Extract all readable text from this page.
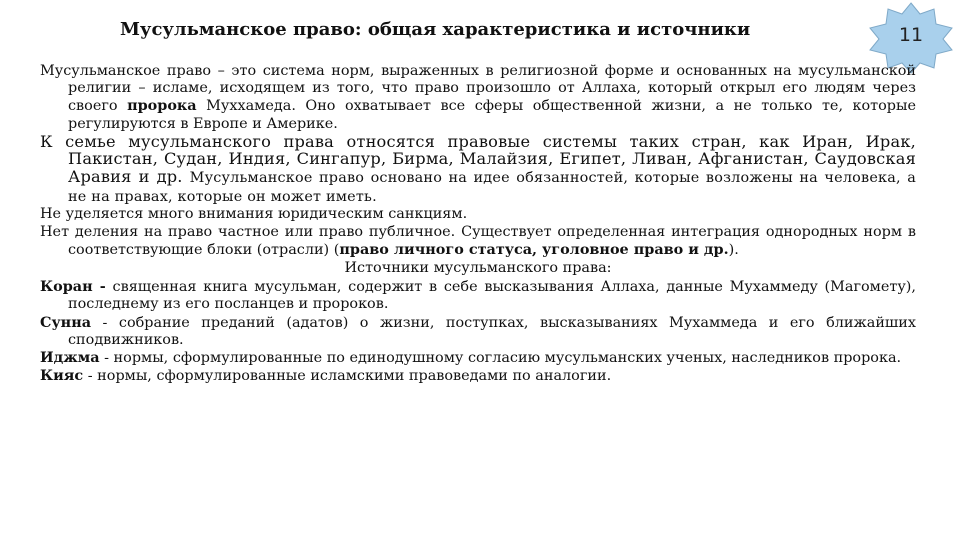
Мусульманское право: общая характеристика и источники	11

Мусульманское право – это система норм, выраженных в религиозной форме и основанных на мусульманской религии – исламе, исходящем из того, что право произошло от Аллаха, который открыл его людям через своего пророка Муххамеда. Оно охватывает все сферы общественной жизни, а не только те, которые регулируются в Европе и Америке.

К семье мусульманского права относятся правовые системы таких стран, как Иран, Ирак, Пакистан, Судан, Индия, Сингапур, Бирма, Малайзия, Египет, Ливан, Афганистан, Саудовская Аравия и др. Мусульманское право основано на идее обязанностей, которые возложены на человека, а не на правах, которые он может иметь.

Не уделяется много внимания юридическим санкциям.

Нет деления на право частное или право публичное. Существует определенная интеграция однородных норм в соответствующие блоки (отрасли) (право личного статуса, уголовное право и др.).

Источники мусульманского права:

Коран - священная книга мусульман, содержит в себе высказывания Аллаха, данные Мухаммеду (Магомету), последнему из его посланцев и пророков.

Сунна - собрание преданий (адатов) о жизни, поступках, высказываниях Мухаммеда и его ближайших сподвижников.

Иджма - нормы, сформулированные по единодушному согласию мусульманских ученых, наследников пророка.

Кияс - нормы, сформулированные исламскими правоведами по аналогии.
